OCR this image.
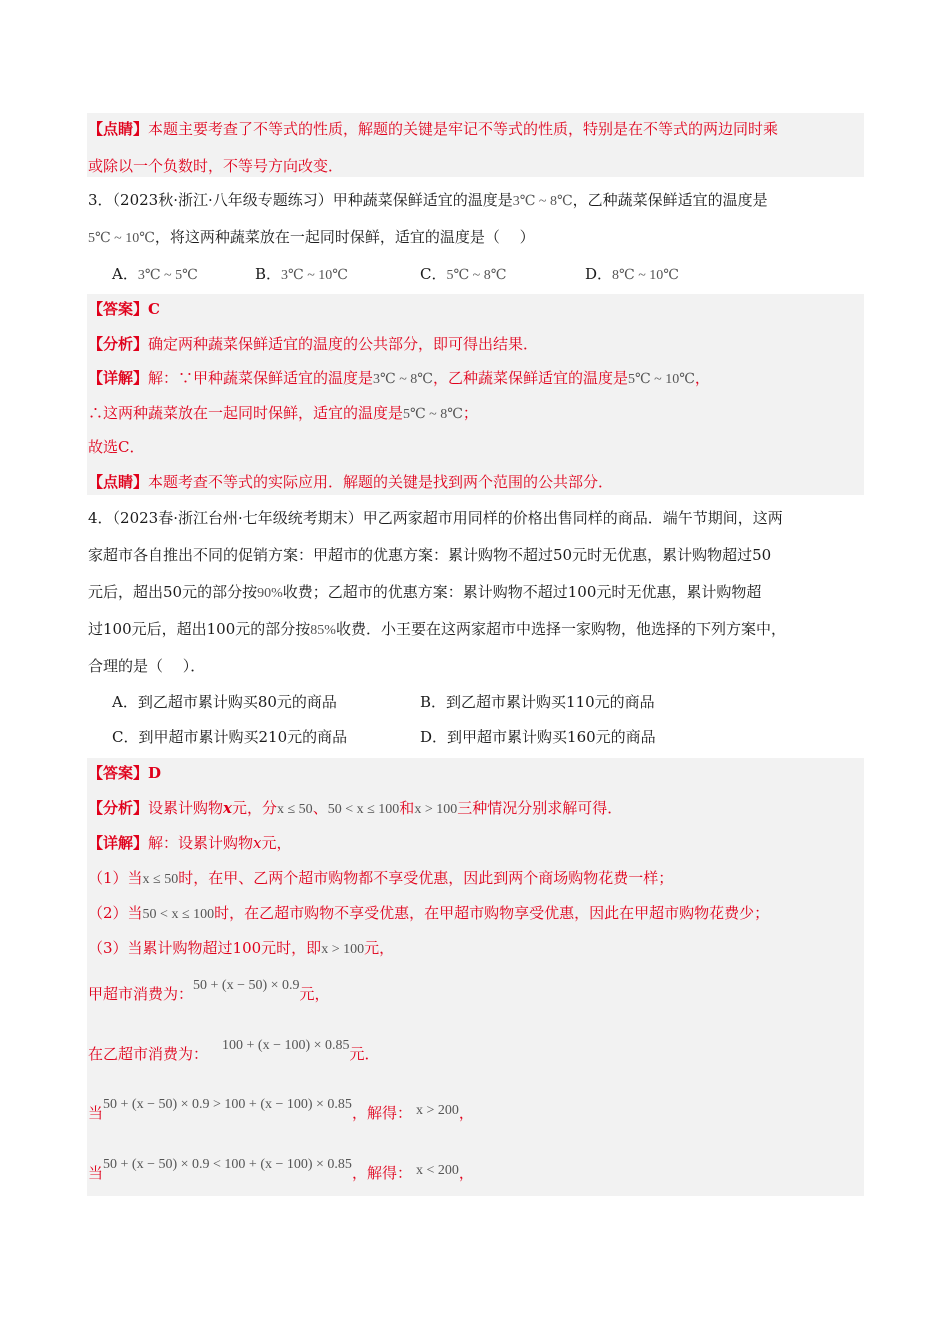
【点睛】本题主要考查了不等式的性质，解题的关键是牢记不等式的性质，特别是在不等式的两边同时乘
或除以一个负数时，不等号方向改变．
3．（2023秋·浙江·八年级专题练习）甲种蔬菜保鲜适宜的温度是3℃ ~ 8℃，乙种蔬菜保鲜适宜的温度是
5℃ ~ 10℃，将这两种蔬菜放在一起同时保鲜，适宜的温度是（　 ）
A．3℃ ~ 5℃	B．3℃ ~ 10℃	C．5℃ ~ 8℃	D．8℃ ~ 10℃
【答案】C
【分析】确定两种蔬菜保鲜适宜的温度的公共部分，即可得出结果．
【详解】解：∵甲种蔬菜保鲜适宜的温度是3℃ ~ 8℃，乙种蔬菜保鲜适宜的温度是5℃ ~ 10℃，
∴这两种蔬菜放在一起同时保鲜，适宜的温度是5℃ ~ 8℃；
故选C．
【点睛】本题考查不等式的实际应用．解题的关键是找到两个范围的公共部分．
4．（2023春·浙江台州·七年级统考期末）甲乙两家超市用同样的价格出售同样的商品．端午节期间，这两
家超市各自推出不同的促销方案：甲超市的优惠方案：累计购物不超过50元时无优惠，累计购物超过50
元后，超出50元的部分按90%收费；乙超市的优惠方案：累计购物不超过100元时无优惠，累计购物超
过100元后，超出100元的部分按85%收费．小王要在这两家超市中选择一家购物，他选择的下列方案中，
合理的是（　 ）．
A．到乙超市累计购买80元的商品	B．到乙超市累计购买110元的商品
C．到甲超市累计购买210元的商品	D．到甲超市累计购买160元的商品
【答案】D
【分析】设累计购物x元，分x ≤ 50、50 < x ≤ 100和x > 100三种情况分别求解可得．
【详解】解：设累计购物x元，
（1）当x ≤ 50时，在甲、乙两个超市购物都不享受优惠，因此到两个商场购物花费一样；
（2）当50 < x ≤ 100时，在乙超市购物不享受优惠，在甲超市购物享受优惠，因此在甲超市购物花费少；
（3）当累计购物超过100元时，即x > 100元，
甲超市消费为：50 + (x − 50) × 0.9元，
在乙超市消费为： 100 + (x − 100) × 0.85元．
当50 + (x − 50) × 0.9 > 100 + (x − 100) × 0.85，解得： x > 200，
当50 + (x − 50) × 0.9 < 100 + (x − 100) × 0.85，解得： x < 200，
